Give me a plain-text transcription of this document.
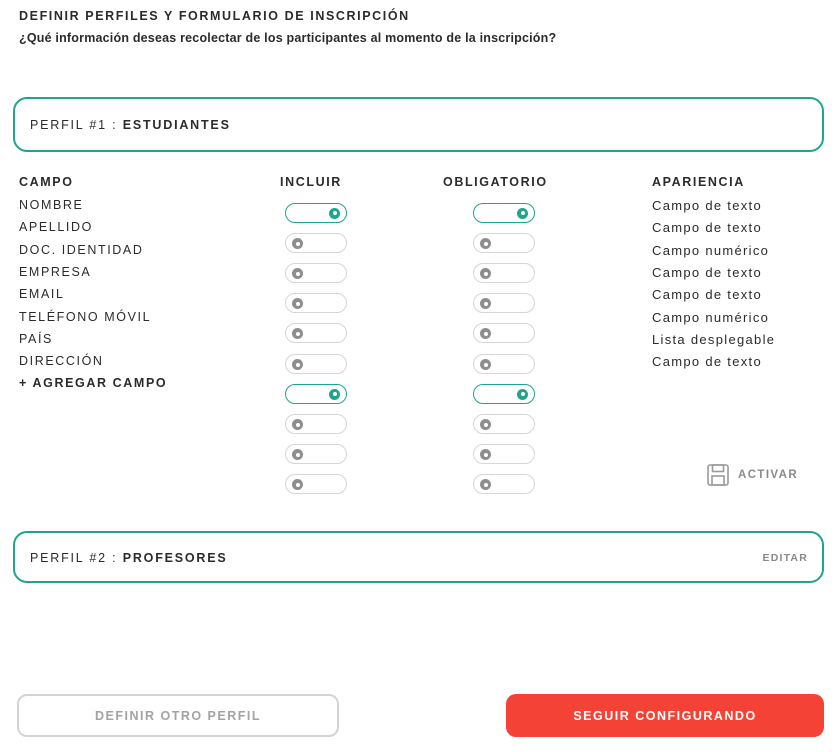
DEFINIR PERFILES Y FORMULARIO DE INSCRIPCIÓN
¿Qué información deseas recolectar de los participantes al momento de la inscripción?
PERFIL #1 : ESTUDIANTES
CAMPO	INCLUIR	OBLIGATORIO	APARIENCIA
NOMBRE	Campo de texto
APELLIDO	Campo de texto
DOC. IDENTIDAD	Campo numérico
EMPRESA	Campo de texto
EMAIL	Campo de texto
TELÉFONO MÓVIL	Campo numérico
PAÍS	Lista desplegable
DIRECCIÓN	Campo de texto
+ AGREGAR CAMPO
ACTIVAR
PERFIL #2 : PROFESORES	EDITAR
DEFINIR OTRO PERFIL	SEGUIR CONFIGURANDO
